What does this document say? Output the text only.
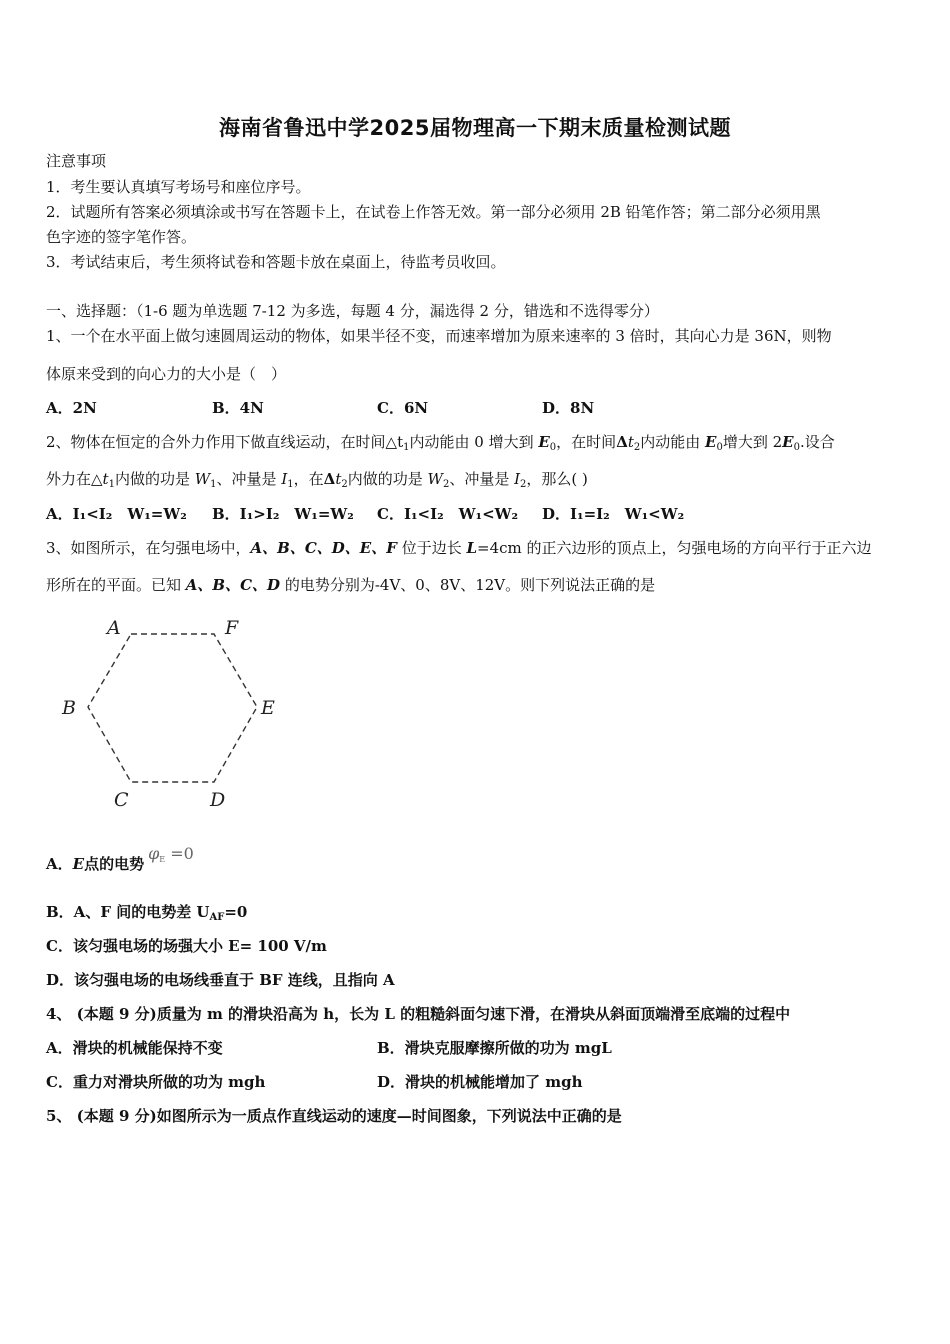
海南省鲁迅中学2025届物理高一下期末质量检测试题
注意事项
1．考生要认真填写考场号和座位序号。
2．试题所有答案必须填涂或书写在答题卡上，在试卷上作答无效。第一部分必须用 2B 铅笔作答；第二部分必须用黑
色字迹的签字笔作答。
3．考试结束后，考生须将试卷和答题卡放在桌面上，待监考员收回。
一、选择题：（1-6 题为单选题 7-12 为多选，每题 4 分，漏选得 2 分，错选和不选得零分）
1、一个在水平面上做匀速圆周运动的物体，如果半径不变，而速率增加为原来速率的 3 倍时，其向心力是 36N，则物
体原来受到的向心力的大小是（　）
A．2N	B．4N	C．6N	D．8N
2、物体在恒定的合外力作用下做直线运动，在时间$\triangle t_1$内动能由 0 增大到 $E_0$，在时间$\Delta t_2$内动能由 $E_0$增大到 $2E_0$.设合
外力在$\triangle t_1$内做的功是 $W_1$、冲量是 $I_1$，在$\Delta t_2$内做的功是 $W_2$、冲量是 $I_2$，那么( )
A．I₁<I₂　W₁=W₂ B．I₁>I₂　W₁=W₂ C．I₁<I₂　W₁<W₂ D．I₁=I₂　W₁<W₂
3、如图所示，在匀强电场中，A、B、C、D、E、F 位于边长 L=4cm 的正六边形的顶点上，匀强电场的方向平行于正六边
形所在的平面。已知 A、B、C、D 的电势分别为-4V、0、8V、12V。则下列说法正确的是
A	F
B	E
C	D
A．E点的电势$\varphi_E =0$
B．A、F 间的电势差 $U_{AF}=0$
C．该匀强电场的场强大小 E= 100 V/m
D．该匀强电场的电场线垂直于 BF 连线，且指向 A
4、 (本题 9 分)质量为 m 的滑块沿高为 h，长为 L 的粗糙斜面匀速下滑，在滑块从斜面顶端滑至底端的过程中
A．滑块的机械能保持不变	B．滑块克服摩擦所做的功为 mgL
C．重力对滑块所做的功为 mgh	D．滑块的机械能增加了 mgh
5、 (本题 9 分)如图所示为一质点作直线运动的速度—时间图象，下列说法中正确的是
